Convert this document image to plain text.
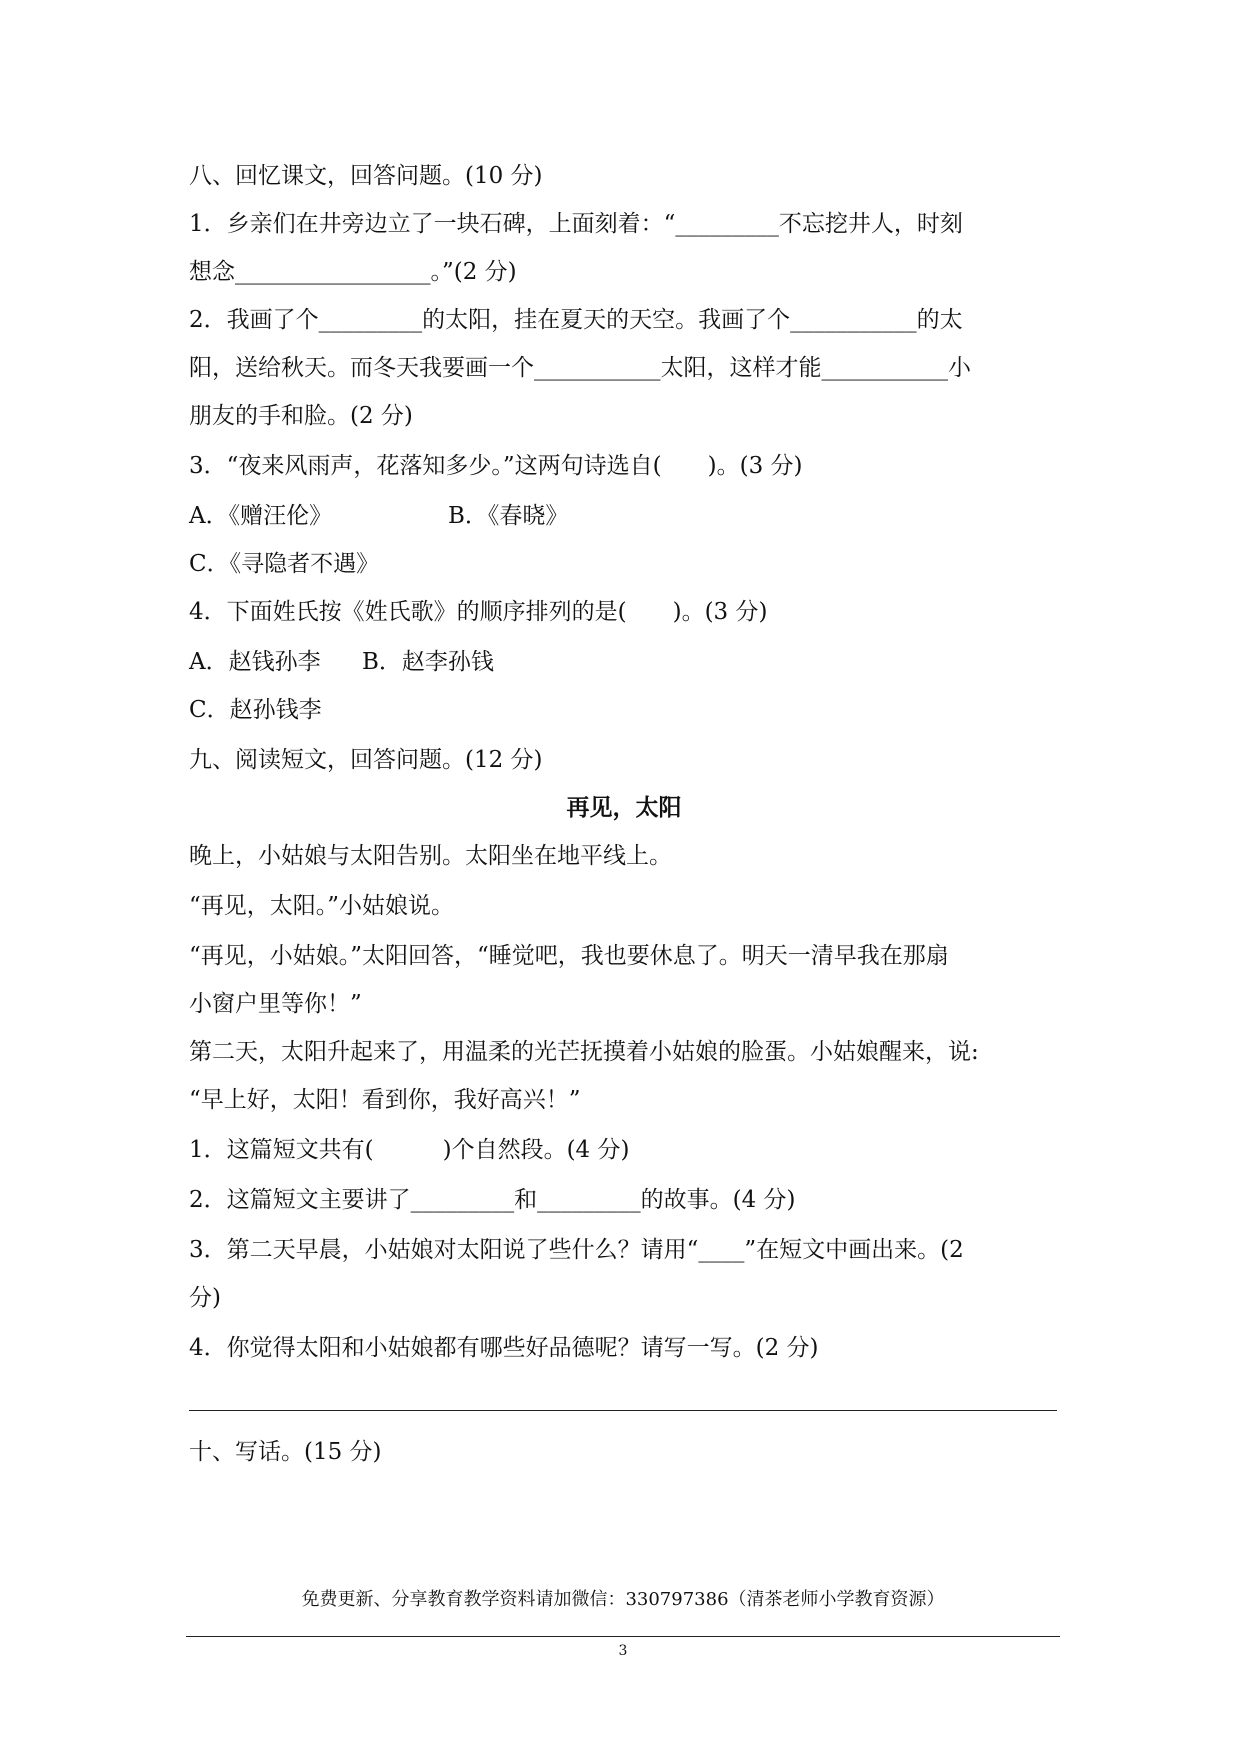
八、回忆课文，回答问题。(10 分)
1．乡亲们在井旁边立了一块石碑，上面刻着：“_________不忘挖井人，时刻
想念_________________。”(2 分)
2．我画了个_________的太阳，挂在夏天的天空。我画了个___________的太
阳，送给秋天。而冬天我要画一个___________太阳，这样才能___________小
朋友的手和脸。(2 分)
3．“夜来风雨声，花落知多少。”这两句诗选自(　　)。(3 分)
A．《赠汪伦》	B．《春晓》
C．《寻隐者不遇》
4．下面姓氏按《姓氏歌》的顺序排列的是(　　)。(3 分)
A．赵钱孙李 B．赵李孙钱
C．赵孙钱李
九、阅读短文，回答问题。(12 分)
再见，太阳
晚上，小姑娘与太阳告别。太阳坐在地平线上。
“再见，太阳。”小姑娘说。
“再见，小姑娘。”太阳回答，“睡觉吧，我也要休息了。明天一清早我在那扇
小窗户里等你！”
第二天，太阳升起来了，用温柔的光芒抚摸着小姑娘的脸蛋。小姑娘醒来，说:
“早上好，太阳！看到你，我好高兴！”
1．这篇短文共有(　　　)个自然段。(4 分)
2．这篇短文主要讲了_________和_________的故事。(4 分)
3．第二天早晨，小姑娘对太阳说了些什么？请用“____”在短文中画出来。(2
分)
4．你觉得太阳和小姑娘都有哪些好品德呢？请写一写。(2 分)
十、写话。(15 分)
免费更新、分享教育教学资料请加微信：330797386（清茶老师小学教育资源）
3
